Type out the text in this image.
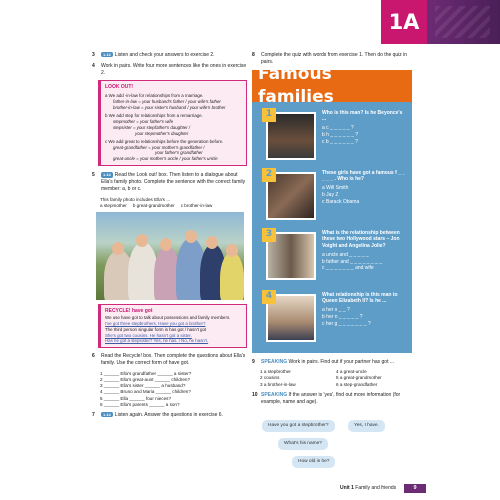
1A
3	1.13 Listen and check your answers to exercise 2.
4	Work in pairs. Write four more sentences like the ones in exercise 2.
LOOK OUT!
a We add -in-law for relationships from a marriage.
father-in-law = your husband's father / your wife's father
brother-in-law = your sister's husband / your wife's brother
b We add step for relationships from a remarriage.
stepmother = your father's wife
stepsister = your stepfather's daughter /
your stepmother's daughter
c We add great to relationships before the generation before.
great-grandfather = your mother's grandfather /
your father's grandfather
great-uncle = your mother's uncle / your father's uncle
5	1.14 Read the Look out! box. Then listen to a dialogue about Ella's family photo. Complete the sentence with the correct family member: a, b or c.
This family photo includes Ella's ...
a stepmother b great-grandmother c brother-in-law
RECYCLE! have got
We use have got to talk about possessions and family members.
I've got three stepbrothers. Have you got a brother?
The third person singular form is has got / hasn't got
She's got two cousins. He hasn't got a sister.
Has he got a stepsister? Yes, he has. / No, he hasn't.
6	Read the Recycle! box. Then complete the questions about Ella's family. Use the correct form of have got.
1 ______ Ella's grandfather ______ a sister?
2 ______ Ella's great-aunt ______ children?
3 ______ Ella's sister ______ a husband?
4 ______ Bruno and Maria ______ children?
5 ______ Ella ______ four nieces?
6 ______ Ella's parents ______ a son?
7	1.14 Listen again. Answer the questions in exercise 6.
8	Complete the quiz with words from exercise 1. Then do the quiz in pairs.
Famous families
1	Who is this man? Is he Beyonce's ...
a c _ _ _ _ _ ?
b h _ _ _ _ _ _ ?
c b _ _ _ _ _ _ ?
2	These girls have got a famous f _ _ _ _ _ . Who is he?
a Will Smith
b Jay Z
c Barack Obama
3	What is the relationship between these two Hollywood stars – Jon Voight and Angelina Jolie?
a uncle and _ _ _ _ _
b father and _ _ _ _ _ _ _ _
c _ _ _ _ _ _ _ and wife
4	What relationship is this man to Queen Elizabeth II? Is he ...
a her s _ _ ?
b her n _ _ _ _ _ ?
c her g _ _ _ _ _ _ _ ?
9	SPEAKING Work in pairs. Find out if your partner has got ...
1 a stepbrother	4 a great-uncle
2 cousins	5 a great-grandmother
3 a brother-in-law	6 a step-grandfather
10 SPEAKING If the answer is 'yes', find out more information (for example, name and age).
Have you got a stepbrother?	Yes, I have.
What's his name?
How old is he?
Unit 1 Family and friends	9
